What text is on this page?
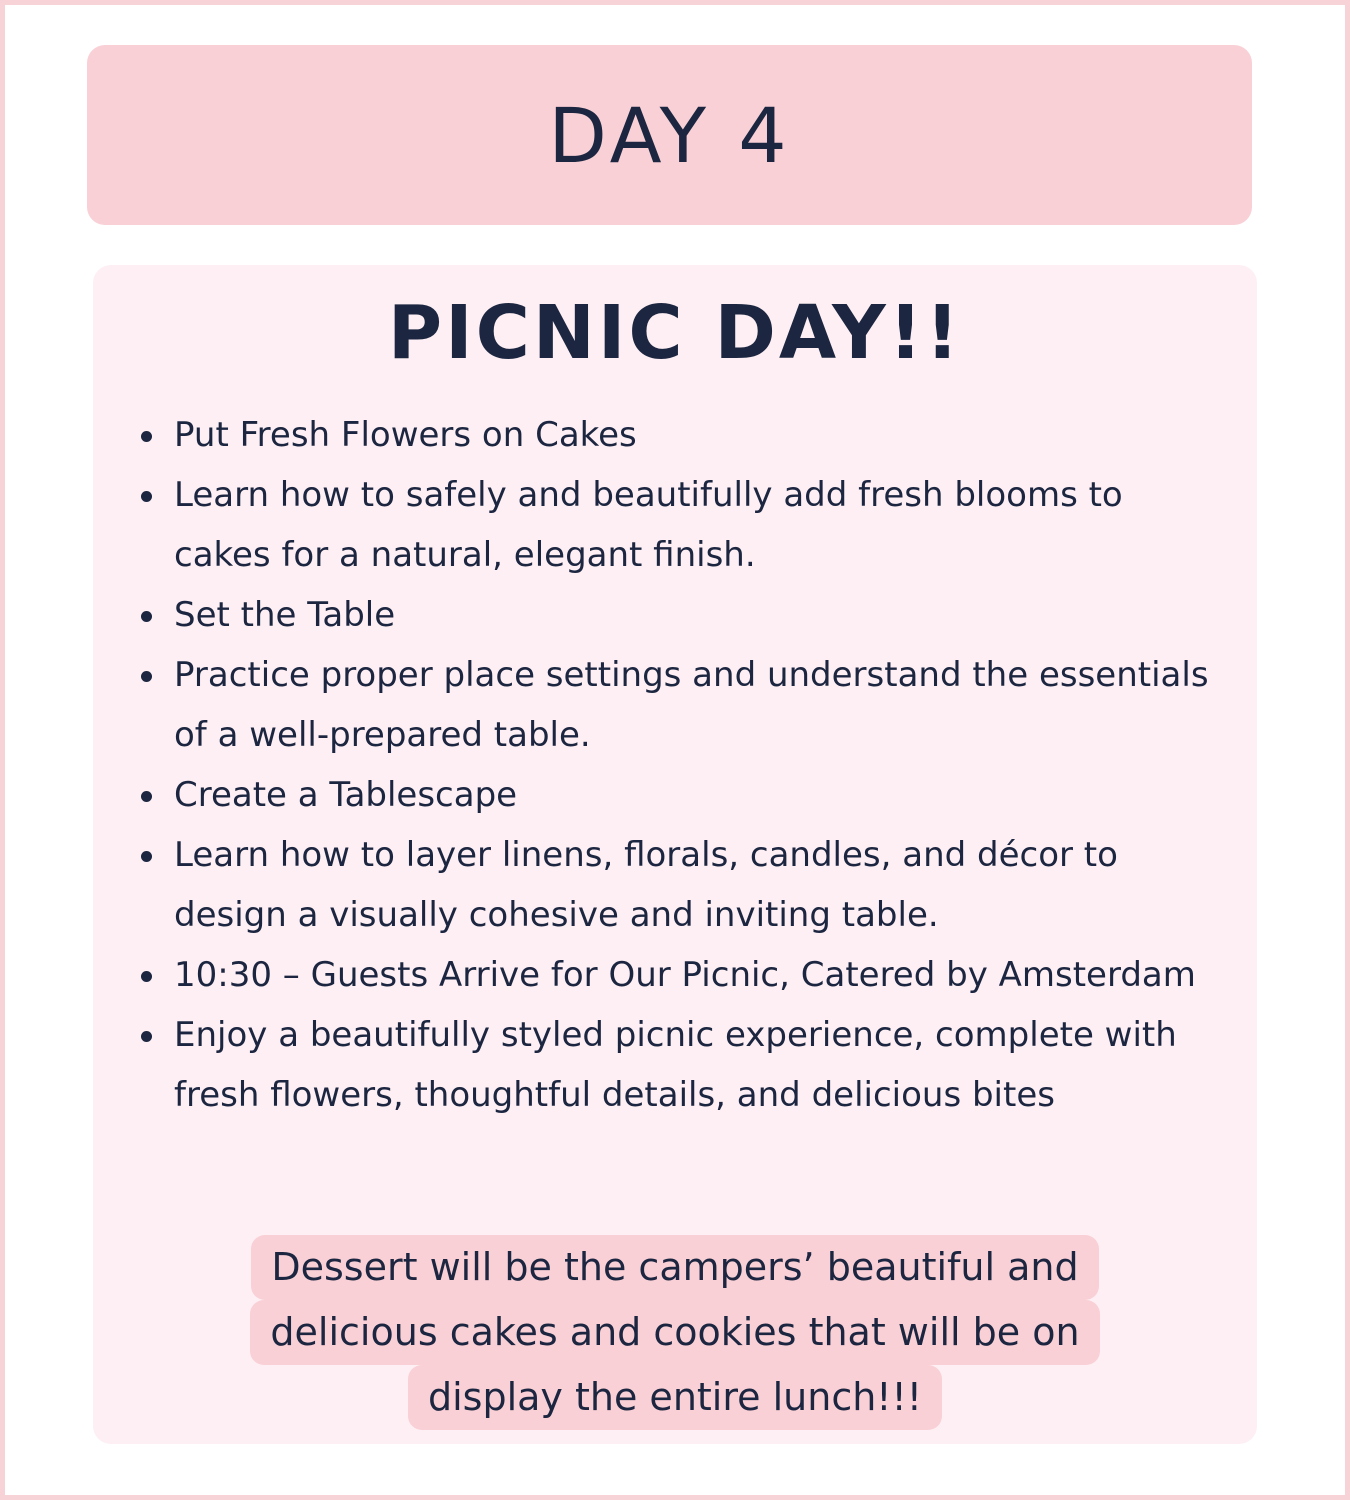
DAY 4
PICNIC DAY!!
Put Fresh Flowers on Cakes
Learn how to safely and beautifully add fresh blooms to cakes for a natural, elegant finish.
Set the Table
Practice proper place settings and understand the essentials of a well-prepared table.
Create a Tablescape
Learn how to layer linens, florals, candles, and décor to design a visually cohesive and inviting table.
10:30 – Guests Arrive for Our Picnic, Catered by Amsterdam
Enjoy a beautifully styled picnic experience, complete with fresh flowers, thoughtful details, and delicious bites
Dessert will be the campers’ beautiful and
delicious cakes and cookies that will be on
display the entire lunch!!!
